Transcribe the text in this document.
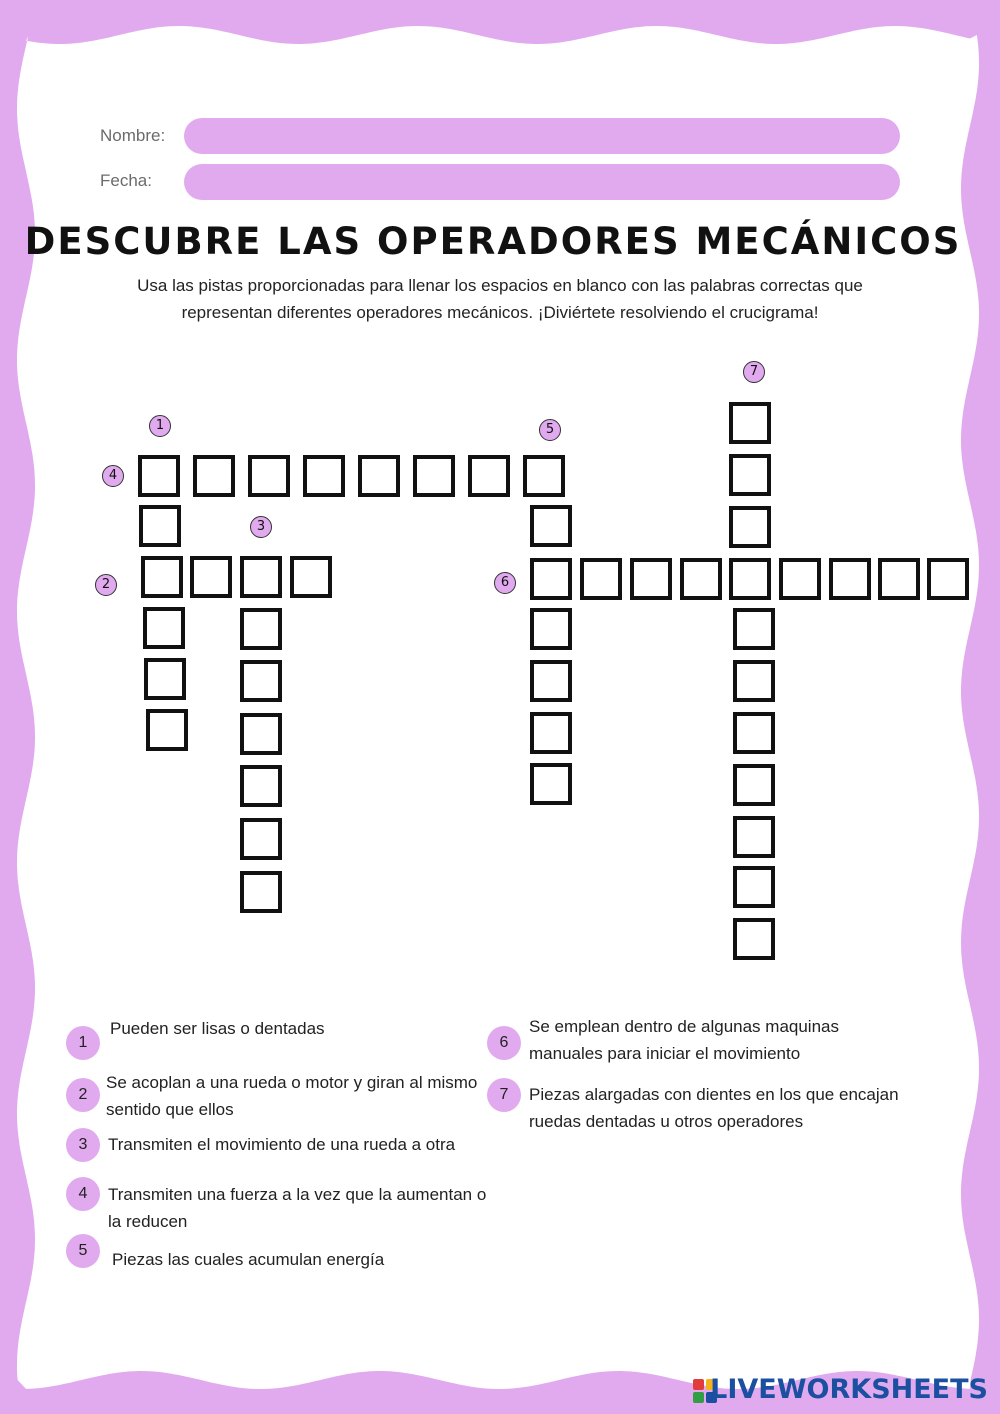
Nombre:
Fecha:
DESCUBRE LAS OPERADORES MECÁNICOS
Usa las pistas proporcionadas para llenar los espacios en blanco con las palabras correctas que representan diferentes operadores mecánicos. ¡Diviértete resolviendo el crucigrama!
1
2
3
4
5
6
7
1
Pueden ser lisas o dentadas
2
Se acoplan a una rueda o motor y giran al mismo sentido que ellos
3	Transmiten el movimiento de una rueda a otra
4	Transmiten una fuerza a la vez que la aumentan o la reducen
5	Piezas las cuales acumulan energía
6
Se emplean dentro de algunas maquinas manuales para iniciar el movimiento
7	Piezas alargadas con dientes en los que encajan ruedas dentadas u otros operadores
LIVEWORKSHEETS
